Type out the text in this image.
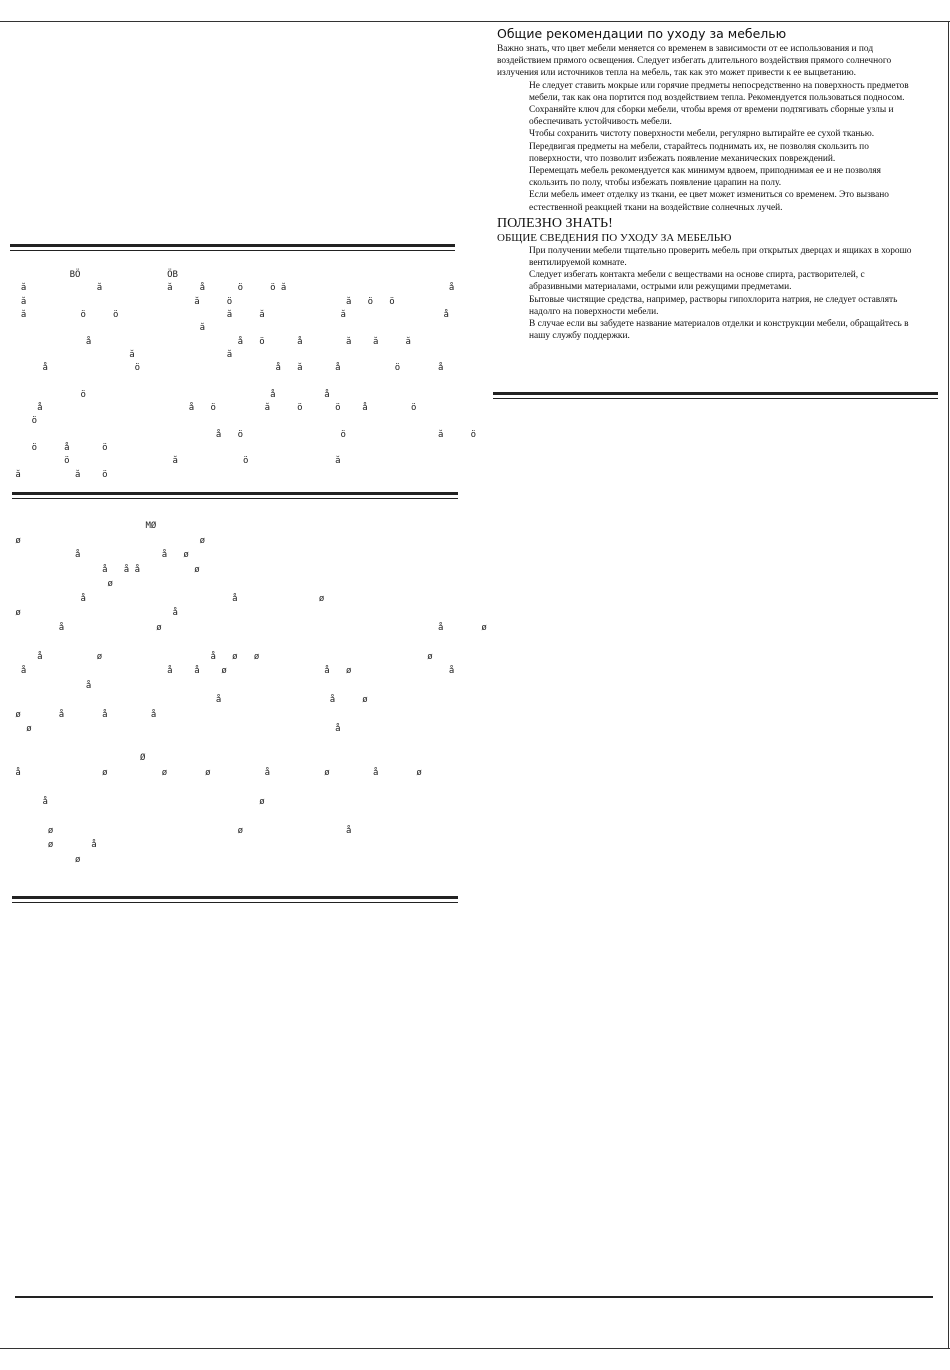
BÖ                ÖB
ă             ă            ă     å      ö     ö ă                              å
ă                               ă     ö                     ă   ö   ö
ă          ö     ö                    ă     ă              ă                  å
ă
å                           å   ö      å        ă    ă     ă
ă                 ă
å                ö                         å   ă      å          ö       å
ö                                  å         å
å                           å   ö         ă     ö      ö    å        ö
ö
å   ö                  ö                 ă     ö
ö     å      ö
ö                   ă            ö                ă
ă          ă    ö
MØ
ø                                 ø
å               å   ø
å   å å          ø
ø
å                           å               ø
ø                            å
å                 ø                                                   å       ø
å          ø                    å   ø   ø                               ø
å                          å    å    ø                  å   ø                  å
å
å                    å     ø
ø       å       å        å
ø                                                        å
Ø
å               ø          ø       ø          å          ø        å       ø
å                                       ø
ø                                  ø                   å
ø       å
ø
Общие рекомендации по уходу за мебелью

Важно знать, что цвет мебели меняется со временем в зависимости от ее использования и под воздействием прямого освещения. Следует избегать длительного воздействия прямого солнечного излучения или источников тепла на мебель, так как это может привести к ее выцветанию.

Не следует ставить мокрые или горячие предметы непосредственно на поверхность предметов мебели, так как она портится под воздействием тепла. Рекомендуется пользоваться подносом.

Сохраняйте ключ для сборки мебели, чтобы время от времени подтягивать сборные узлы и обеспечивать устойчивость мебели.

Чтобы сохранить чистоту поверхности мебели, регулярно вытирайте ее сухой тканью.

Передвигая предметы на мебели, старайтесь поднимать их, не позволяя скользить по поверхности, что позволит избежать появление механических повреждений.

Перемещать мебель рекомендуется как минимум вдвоем, приподнимая ее и не позволяя скользить по полу, чтобы избежать появление царапин на полу.

Если мебель имеет отделку из ткани, ее цвет может измениться со временем. Это вызвано естественной реакцией ткани на воздействие солнечных лучей.

ПОЛЕЗНО ЗНАТЬ!
ОБЩИЕ СВЕДЕНИЯ ПО УХОДУ ЗА МЕБЕЛЬЮ

При получении мебели тщательно проверить мебель при открытых дверцах и ящиках в хорошо вентилируемой комнате.

Следует избегать контакта мебели с веществами на основе спирта, растворителей, с абразивными материалами, острыми или режущими предметами.

Бытовые чистящие средства, например, растворы гипохлорита натрия, не следует оставлять надолго на поверхности мебели.

В случае если вы забудете название материалов отделки и конструкции мебели, обращайтесь в нашу службу поддержки.
